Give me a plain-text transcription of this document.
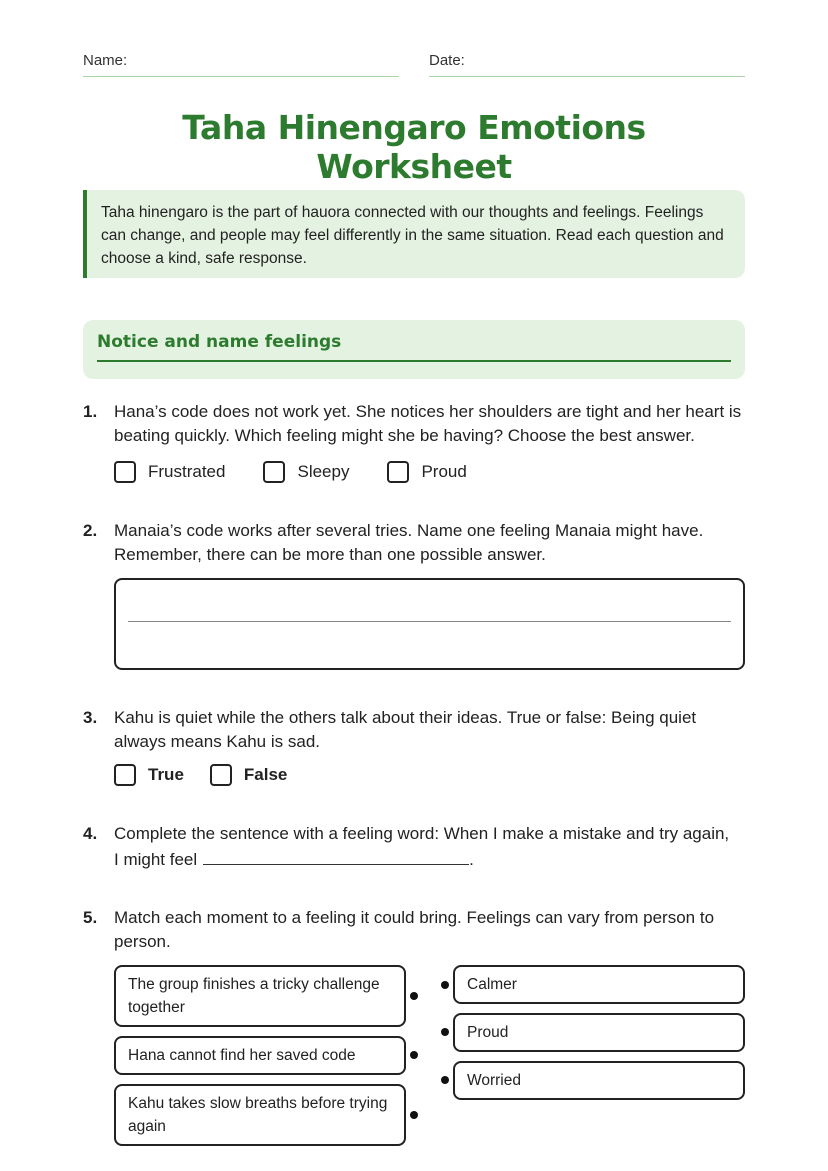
Name:	Date:
Taha Hinengaro Emotions Worksheet
Taha hinengaro is the part of hauora connected with our thoughts and feelings. Feelings can change, and people may feel differently in the same situation. Read each question and choose a kind, safe response.
Notice and name feelings
1. Hana’s code does not work yet. She notices her shoulders are tight and her heart is beating quickly. Which feeling might she be having? Choose the best answer.
Frustrated	Sleepy	Proud
2. Manaia’s code works after several tries. Name one feeling Manaia might have. Remember, there can be more than one possible answer.
3. Kahu is quiet while the others talk about their ideas. True or false: Being quiet always means Kahu is sad.
True	False
4. Complete the sentence with a feeling word: When I make a mistake and try again,
I might feel	.
5. Match each moment to a feeling it could bring. Feelings can vary from person to person.
The group finishes a tricky challenge together
Hana cannot find her saved code
Kahu takes slow breaths before trying again
Calmer
Proud
Worried
